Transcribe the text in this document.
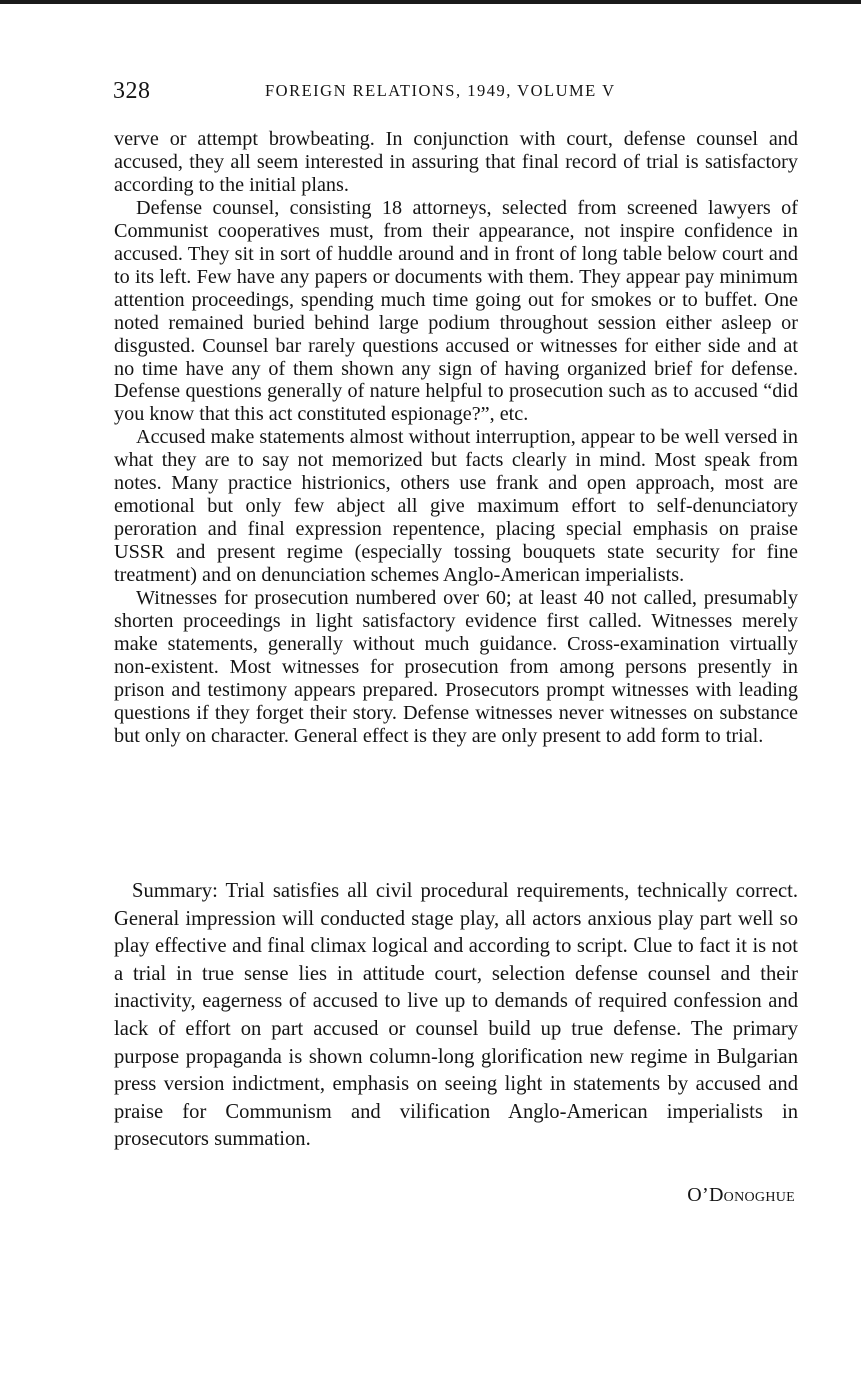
328	FOREIGN RELATIONS, 1949, VOLUME V

verve or attempt browbeating. In conjunction with court, defense counsel and accused, they all seem interested in assuring that final record of trial is satisfactory according to the initial plans.

Defense counsel, consisting 18 attorneys, selected from screened lawyers of Communist cooperatives must, from their appearance, not inspire confidence in accused. They sit in sort of huddle around and in front of long table below court and to its left. Few have any papers or documents with them. They appear pay minimum attention proceedings, spending much time going out for smokes or to buffet. One noted remained buried behind large podium throughout session either asleep or disgusted. Counsel bar rarely questions accused or witnesses for either side and at no time have any of them shown any sign of having organized brief for defense. Defense questions generally of nature helpful to prosecution such as to accused “did you know that this act constituted espionage?”, etc.

Accused make statements almost without interruption, appear to be well versed in what they are to say not memorized but facts clearly in mind. Most speak from notes. Many practice histrionics, others use frank and open approach, most are emotional but only few abject all give maximum effort to self-denunciatory peroration and final expression repentence, placing special emphasis on praise USSR and present regime (especially tossing bouquets state security for fine treatment) and on denunciation schemes Anglo-American imperialists.

Witnesses for prosecution numbered over 60; at least 40 not called, presumably shorten proceedings in light satisfactory evidence first called. Witnesses merely make statements, generally without much guidance. Cross-examination virtually non-existent. Most witnesses for prosecution from among persons presently in prison and testimony appears prepared. Prosecutors prompt witnesses with leading questions if they forget their story. Defense witnesses never witnesses on substance but only on character. General effect is they are only present to add form to trial.

Summary: Trial satisfies all civil procedural requirements, technically correct. General impression will conducted stage play, all actors anxious play part well so play effective and final climax logical and according to script. Clue to fact it is not a trial in true sense lies in attitude court, selection defense counsel and their inactivity, eagerness of accused to live up to demands of required confession and lack of effort on part accused or counsel build up true defense. The primary purpose propaganda is shown column-long glorification new regime in Bulgarian press version indictment, emphasis on seeing light in statements by accused and praise for Communism and vilification Anglo-American imperialists in prosecutors summation.

O’Donoghue
